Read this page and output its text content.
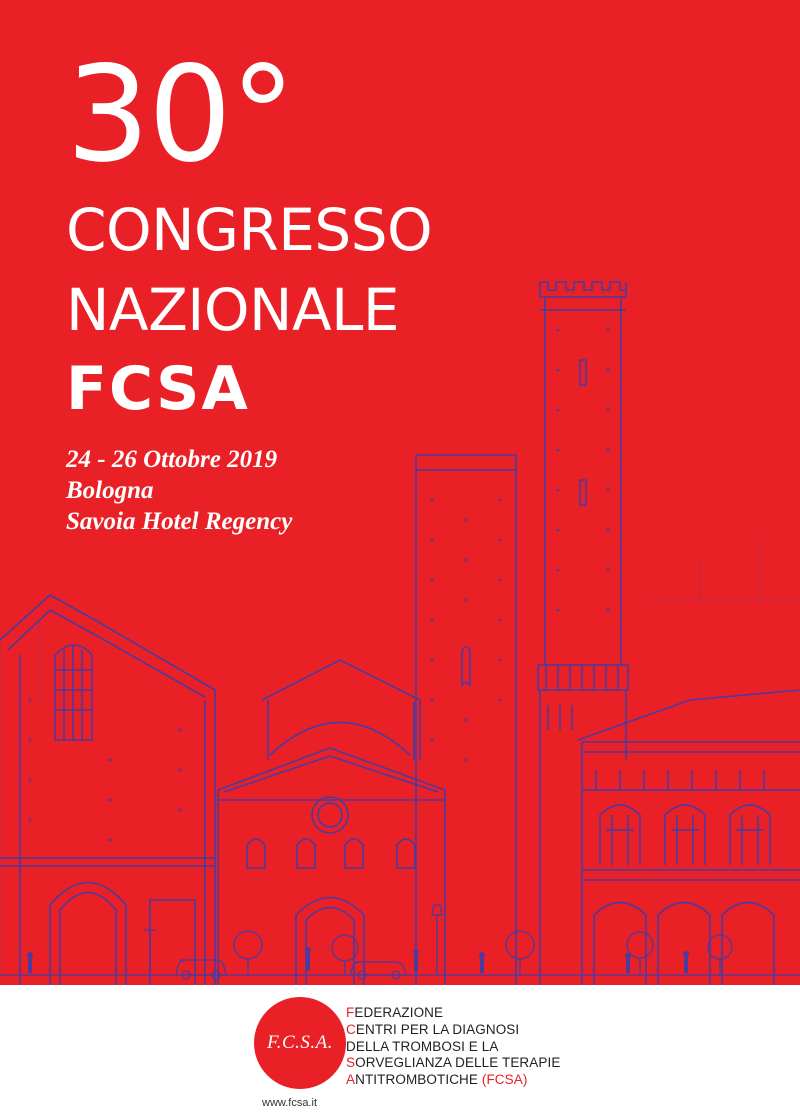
30°
CONGRESSO
NAZIONALE
FCSA
24 - 26 Ottobre 2019
Bologna
Savoia Hotel Regency
F.C.S.A.
www.fcsa.it
FEDERAZIONE
CENTRI PER LA DIAGNOSI
DELLA TROMBOSI E LA
SORVEGLIANZA DELLE TERAPIE
ANTITROMBOTICHE (FCSA)
